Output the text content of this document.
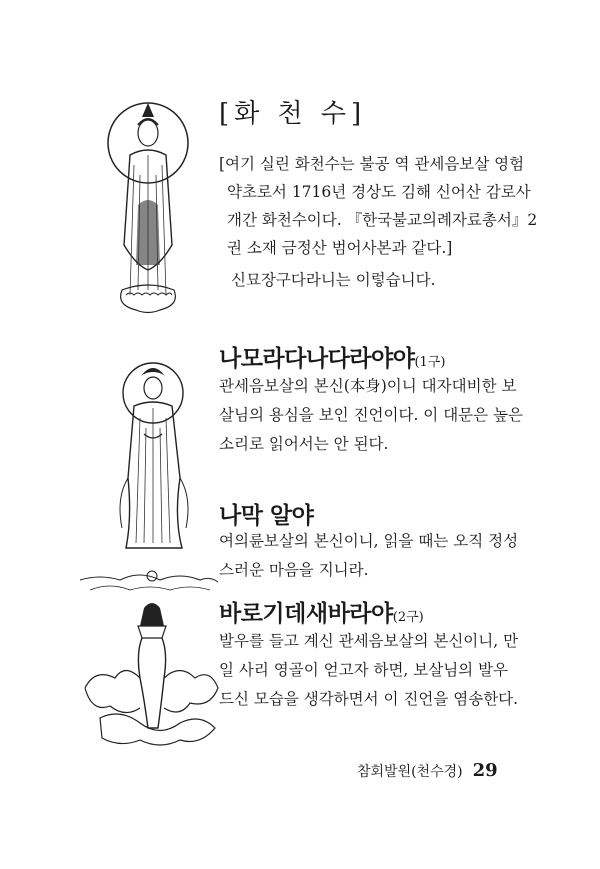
[화 천 수]
[여기 실린 화천수는 불공 역 관세음보살 영험
약초로서 1716년 경상도 김해 신어산 감로사
개간 화천수이다. 『한국불교의례자료총서』2
권 소재 금정산 범어사본과 같다.]
신묘장구다라니는 이렇습니다.
나모라다나다라야야(1구)
관세음보살의 본신(本身)이니 대자대비한 보
살님의 용심을 보인 진언이다. 이 대문은 높은
소리로 읽어서는 안 된다.
나막 알야
여의륜보살의 본신이니, 읽을 때는 오직 정성
스러운 마음을 지니라.
바로기데새바라야(2구)
발우를 들고 계신 관세음보살의 본신이니, 만
일 사리 영골이 얻고자 하면, 보살님의 발우
드신 모습을 생각하면서 이 진언을 염송한다.
참회발원(천수경) 29
